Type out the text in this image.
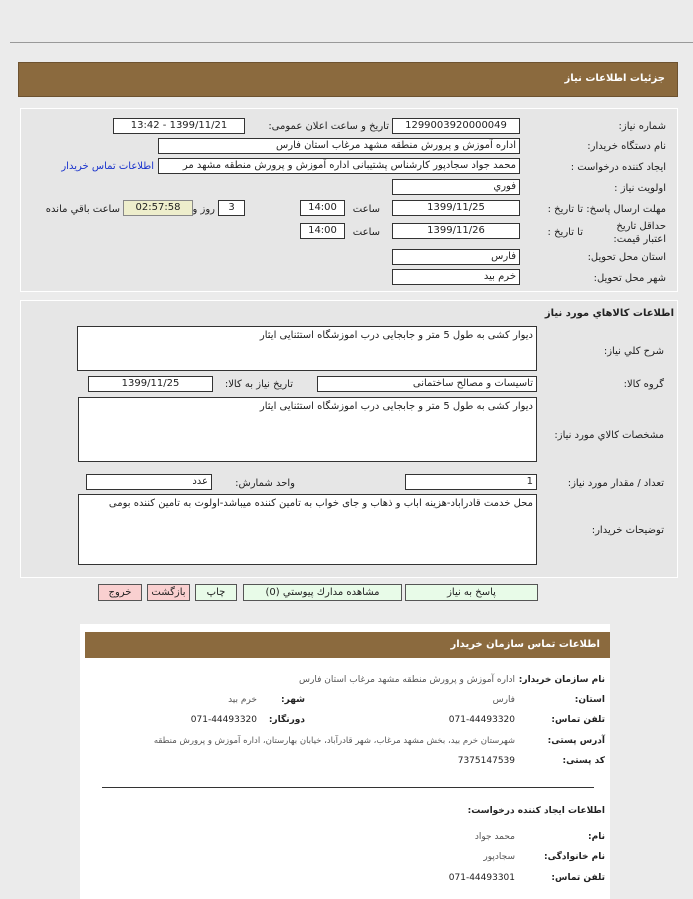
جزئیات اطلاعات نیاز
شماره نیاز:
1299003920000049
تاریخ و ساعت اعلان عمومی:
1399/11/21 - 13:42
نام دستگاه خریدار:
اداره آموزش و پرورش منطقه مشهد مرغاب استان فارس
ایجاد کننده درخواست :
محمد جواد سجادپور کارشناس پشتیبانی اداره آموزش و پرورش منطقه مشهد مر
اطلاعات تماس خریدار
اولویت نیاز :
فوري
مهلت ارسال پاسخ: تا تاریخ :
1399/11/25
ساعت
14:00
3
روز و
02:57:58
ساعت باقي مانده
حداقل تاریخ اعتبار قیمت:
تا تاریخ :
1399/11/26
ساعت
14:00
استان محل تحویل:
فارس
شهر محل تحویل:
خرم بید
اطلاعات کالاهاي مورد نياز
دیوار کشی به طول 5 متر و جابجایی درب اموزشگاه استثنایی ایثار
شرح کلي نياز:
گروه کالا:
تاسیسات و مصالح ساختمانی
تاریخ نیاز به کالا:
1399/11/25
دیوار کشی به طول 5 متر و جابجایی درب اموزشگاه استثنایی ایثار
مشخصات کالاي مورد نياز:
تعداد / مقدار مورد نیاز:
1
واحد شمارش:
عدد
محل خدمت قادراباد-هزینه اباب و ذهاب و جای خواب به تامین کننده میباشد-اولوت به تامین کننده بومی
توضیحات خریدار:
پاسخ به نیاز
مشاهده مدارك پيوستي (0)
چاپ
بازگشت
خروج
اطلاعات تماس سازمان خریدار
نام سازمان خریدار:
اداره آموزش و پرورش منطقه مشهد مرغاب استان فارس
استان:
فارس
شهر:
خرم بید
تلفن تماس:
071-44493320
دورنگار:
071-44493320
آدرس پستی:
شهرستان خرم بید، بخش مشهد مرغاب، شهر قادرآباد، خیابان بهارستان، اداره آموزش و پرورش منطقه
کد پستی:
7375147539
اطلاعات ایجاد کننده درخواست:
نام:
محمد جواد
نام خانوادگی:
سجادپور
تلفن تماس:
071-44493301
